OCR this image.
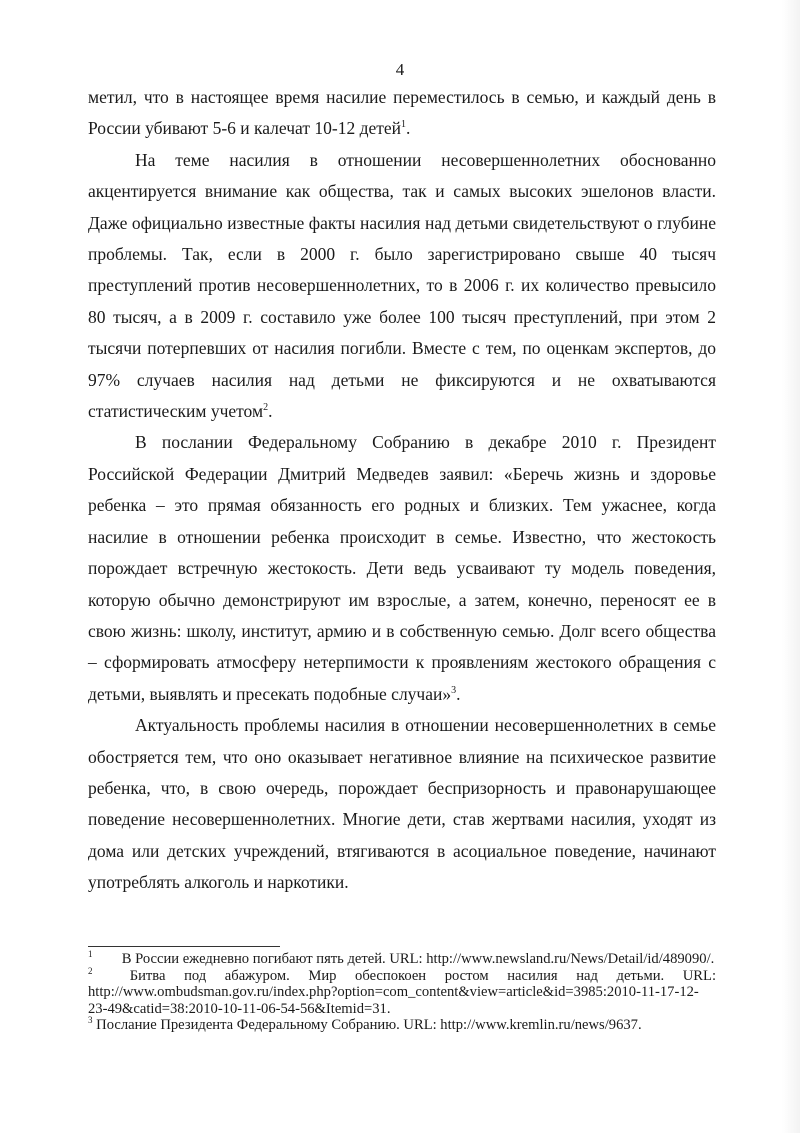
4

метил, что в настоящее время насилие переместилось в семью, и каждый день в России убивают 5-6 и калечат 10-12 детей$^1$.

На теме насилия в отношении несовершеннолетних обоснованно акцентируется внимание как общества, так и самых высоких эшелонов власти. Даже официально известные факты насилия над детьми свидетельствуют о глубине проблемы. Так, если в 2000 г. было зарегистрировано свыше 40 тысяч преступлений против несовершеннолетних, то в 2006 г. их количество превысило 80 тысяч, а в 2009 г. составило уже более 100 тысяч преступлений, при этом 2 тысячи потерпевших от насилия погибли. Вместе с тем, по оценкам экспертов, до 97% случаев насилия над детьми не фиксируются и не охватываются статистическим учетом$^2$.

В послании Федеральному Собранию в декабре 2010 г. Президент Российской Федерации Дмитрий Медведев заявил: «Беречь жизнь и здоровье ребенка – это прямая обязанность его родных и близких. Тем ужаснее, когда насилие в отношении ребенка происходит в семье. Известно, что жестокость порождает встречную жестокость. Дети ведь усваивают ту модель поведения, которую обычно демонстрируют им взрослые, а затем, конечно, переносят ее в свою жизнь: школу, институт, армию и в собственную семью. Долг всего общества – сформировать атмосферу нетерпимости к проявлениям жестокого обращения с детьми, выявлять и пресекать подобные случаи»$^3$.

Актуальность проблемы насилия в отношении несовершеннолетних в семье обостряется тем, что оно оказывает негативное влияние на психическое развитие ребенка, что, в свою очередь, порождает беспризорность и правонарушающее поведение несовершеннолетних. Многие дети, став жертвами насилия, уходят из дома или детских учреждений, втягиваются в асоциальное поведение, начинают употреблять алкоголь и наркотики.

$^1$ В России ежедневно погибают пять детей. URL: http://www.newsland.ru/News/Detail/id/489090/.

$^2$	Битва под абажуром. Мир обеспокоен ростом насилия над детьми. URL: http://www.ombudsman.gov.ru/index.php?option=com_content&view=article&id=3985:2010-11-17-12-23-49&catid=38:2010-10-11-06-54-56&Itemid=31.

$^3$ Послание Президента Федеральному Собранию. URL: http://www.kremlin.ru/news/9637.
